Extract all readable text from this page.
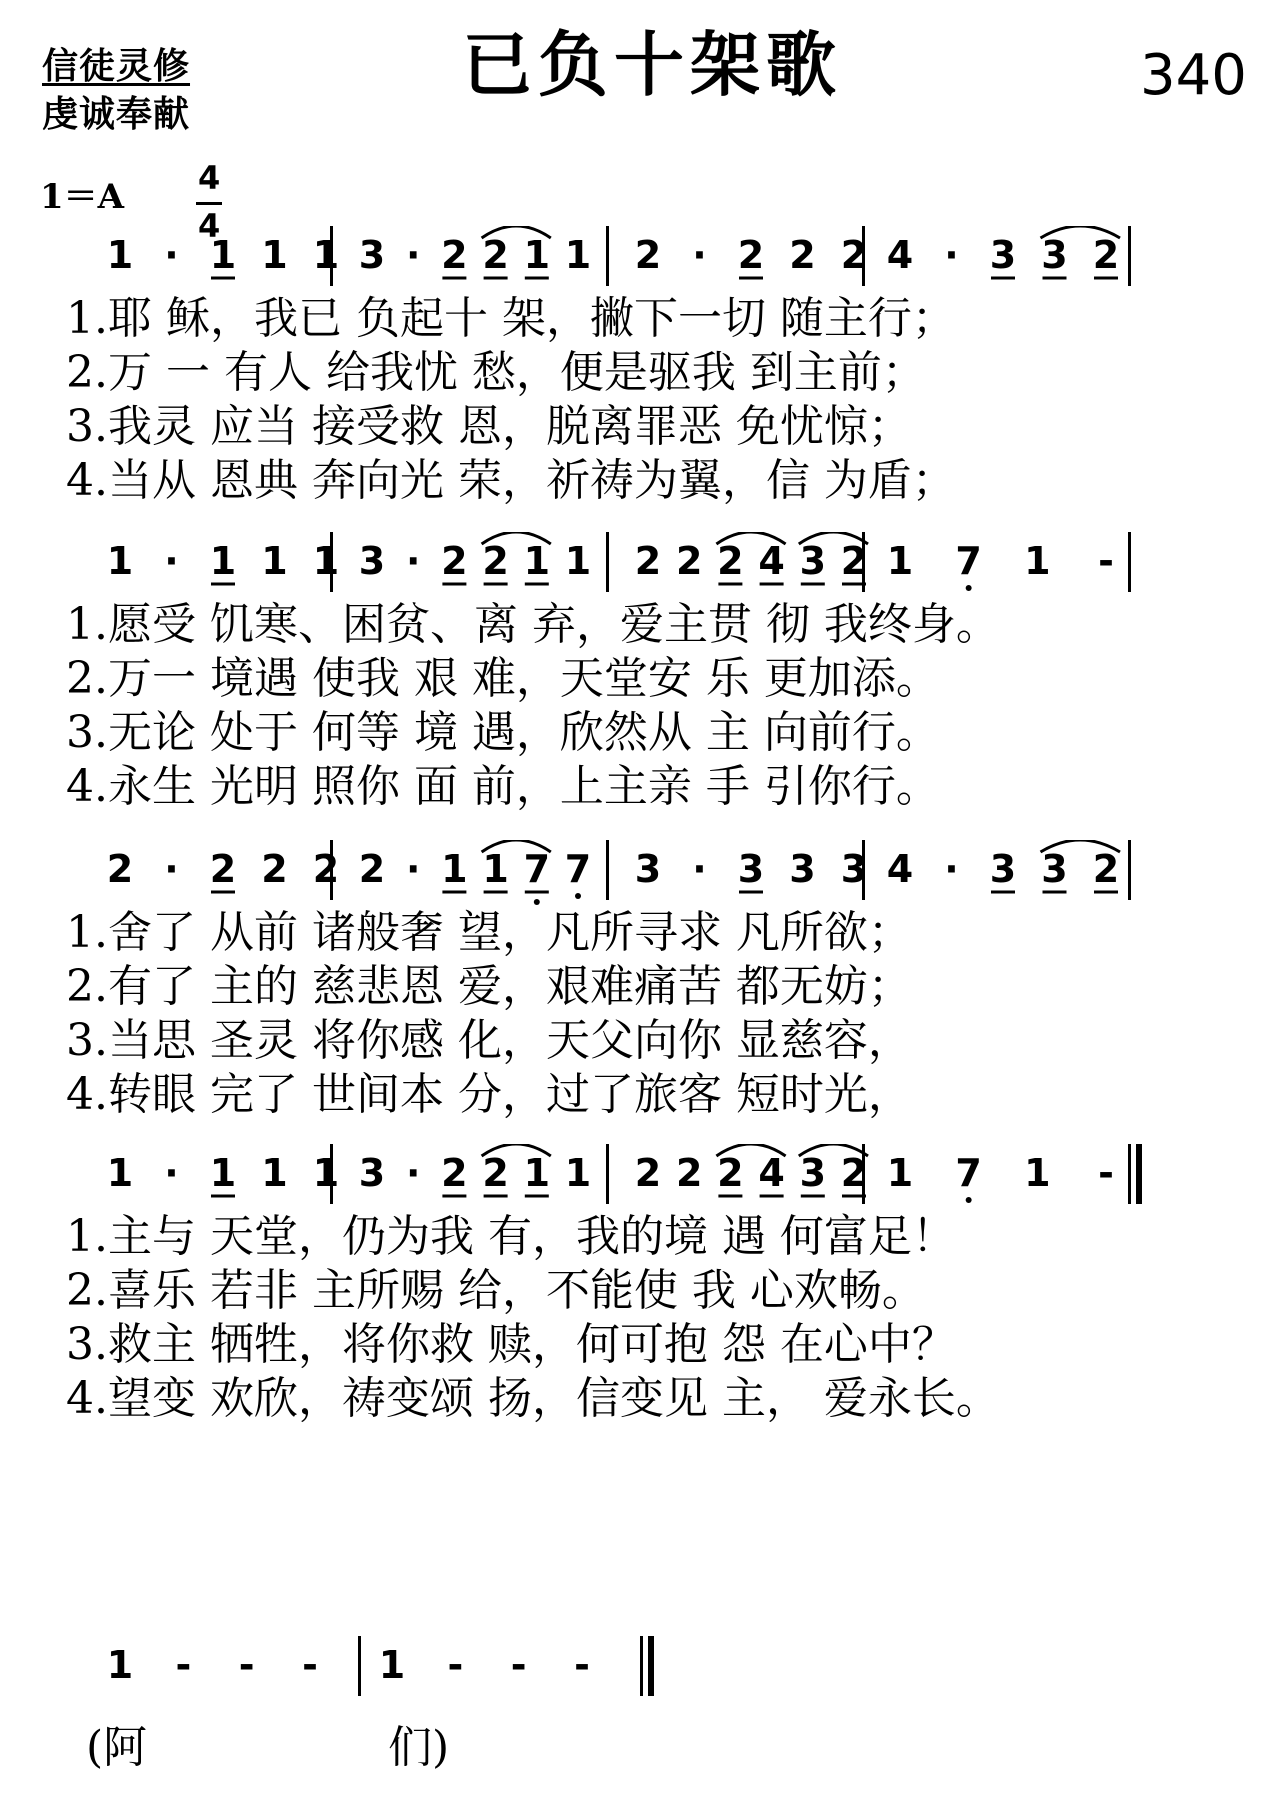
信徒灵修
虔诚奉献
已负十架歌	340
1＝A 4
4
1 · 1 1 1 3 · 2 2 1 1 2 · 2 2 2 4 · 3 3 2
1.耶 稣，我已 负起十 架，撇下一切 随主行；
2.万 一 有人 给我忧 愁，便是驱我 到主前；
3.我灵 应当 接受救 恩，脱离罪恶 免忧惊；
4.当从 恩典 奔向光 荣，祈祷为翼，信 为盾；
1 · 1 1 1 3 · 2 2 1 1 2 2 2 4 3 2 1 7 1	-
1.愿受 饥寒、困贫、离 弃，爱主贯 彻 我终身。
2.万一 境遇 使我 艰 难，天堂安 乐 更加添。
3.无论 处于 何等 境 遇，欣然从 主 向前行。
4.永生 光明 照你 面 前，上主亲 手 引你行。
2 · 2 2 2 2 · 1 1 7 7 3 · 3 3 3 4 · 3 3 2
1.舍了 从前 诸般奢 望，凡所寻求 凡所欲；
2.有了 主的 慈悲恩 爱，艰难痛苦 都无妨；
3.当思 圣灵 将你感 化，天父向你 显慈容，
4.转眼 完了 世间本 分，过了旅客 短时光，
1 · 1 1 1 3 · 2 2 1 1 2 2 2 4 3 2 1 7 1	-
1.主与 天堂，仍为我 有，我的境 遇 何富足！
2.喜乐 若非 主所赐 给，不能使 我 心欢畅。
3.救主 牺牲，将你救 赎，何可抱 怨 在心中？
4.望变 欢欣，祷变颂 扬，信变见 主， 爱永长。
1	-	-	-	1	-	-	-
(阿	们)
